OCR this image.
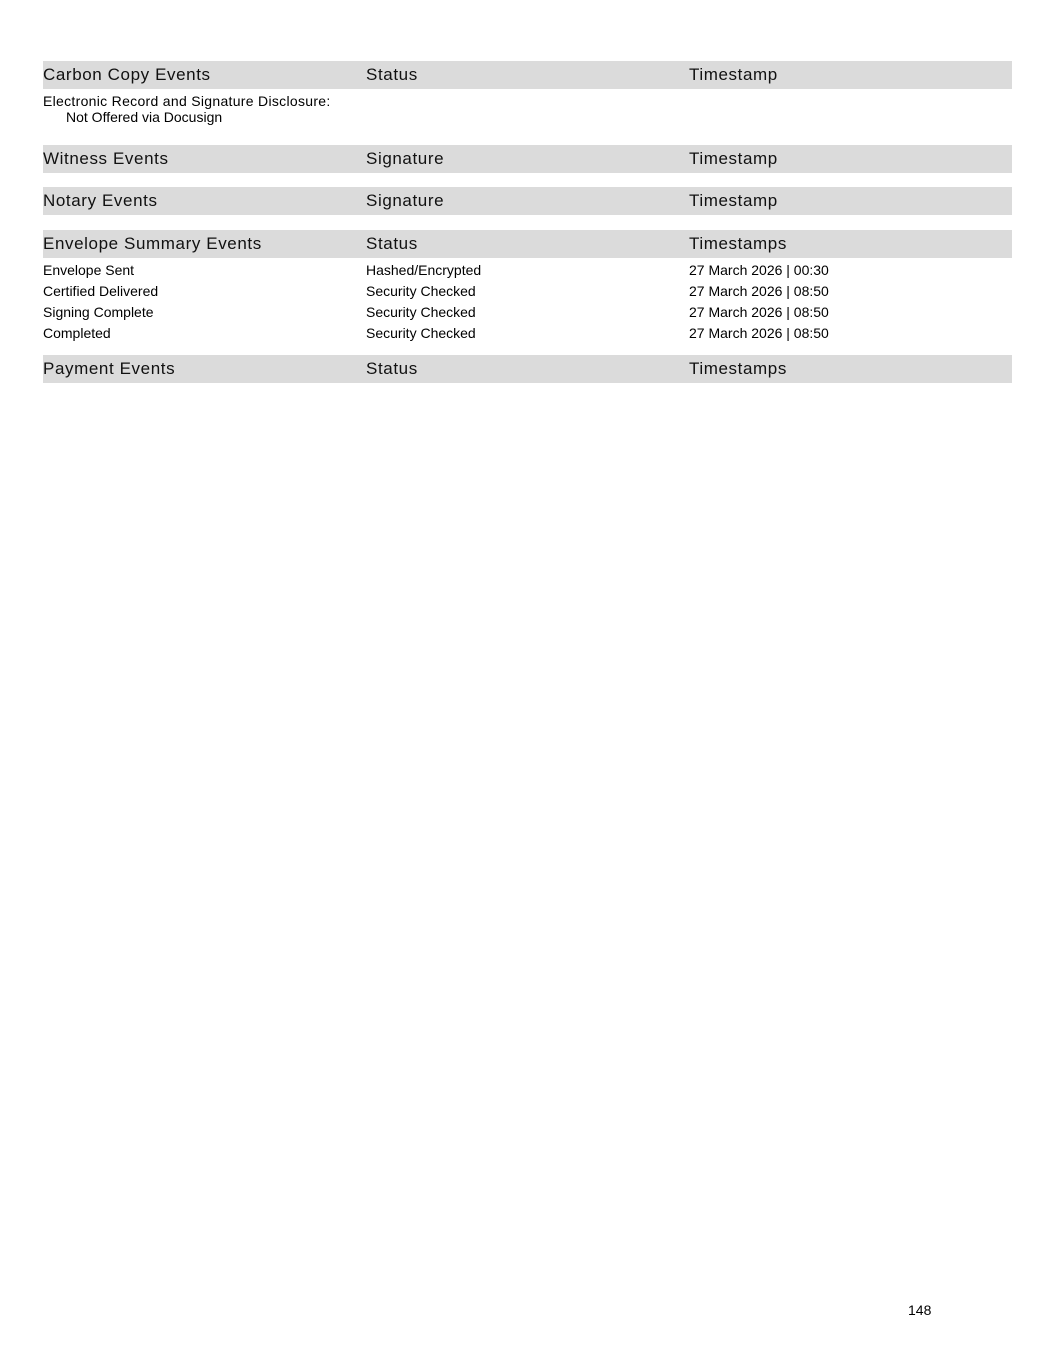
Carbon Copy Events	Status	Timestamp
Electronic Record and Signature Disclosure:
Not Offered via Docusign
Witness Events	Signature	Timestamp
Notary Events	Signature	Timestamp
Envelope Summary Events	Status	Timestamps
Envelope Sent	Hashed/Encrypted	27 March 2026 | 00:30
Certified Delivered	Security Checked	27 March 2026 | 08:50
Signing Complete	Security Checked	27 March 2026 | 08:50
Completed	Security Checked	27 March 2026 | 08:50
Payment Events	Status	Timestamps
148
